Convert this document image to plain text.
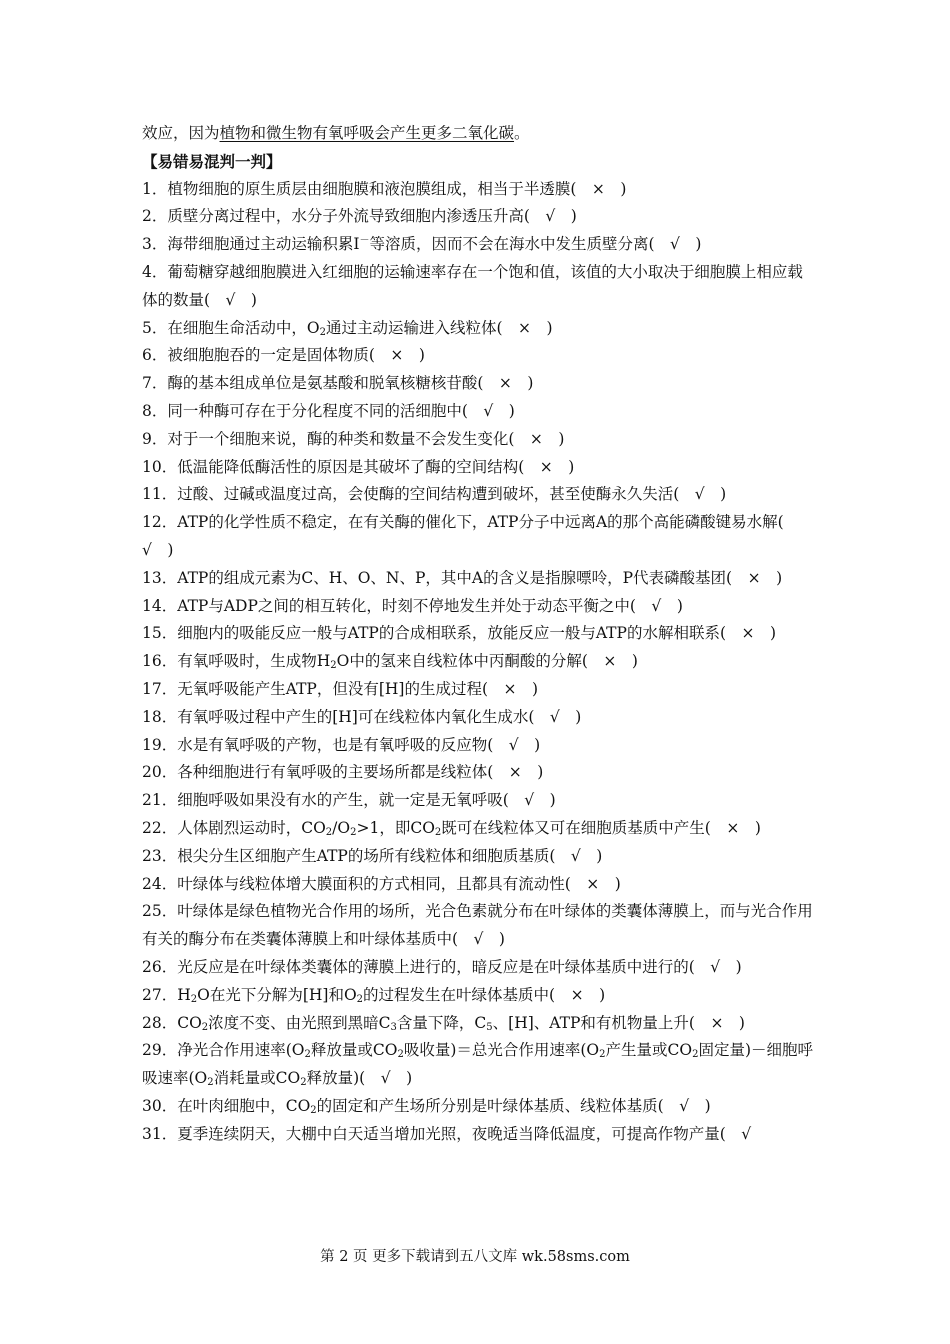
效应，因为植物和微生物有氧呼吸会产生更多二氧化碳。
【易错易混判一判】
1．植物细胞的原生质层由细胞膜和液泡膜组成，相当于半透膜(　×　)
2．质壁分离过程中，水分子外流导致细胞内渗透压升高(　√　)
3．海带细胞通过主动运输积累I－等溶质，因而不会在海水中发生质壁分离(　√　)
4．葡萄糖穿越细胞膜进入红细胞的运输速率存在一个饱和值，该值的大小取决于细胞膜上相应载体的数量(　√　)
5．在细胞生命活动中，$O_2$通过主动运输进入线粒体(　×　)
6．被细胞胞吞的一定是固体物质(　×　)
7．酶的基本组成单位是氨基酸和脱氧核糖核苷酸(　×　)
8．同一种酶可存在于分化程度不同的活细胞中(　√　)
9．对于一个细胞来说，酶的种类和数量不会发生变化(　×　)
10．低温能降低酶活性的原因是其破坏了酶的空间结构(　×　)
11．过酸、过碱或温度过高，会使酶的空间结构遭到破坏，甚至使酶永久失活(　√　)
12．ATP的化学性质不稳定，在有关酶的催化下，ATP分子中远离A的那个高能磷酸键易水解(　√　)
13．ATP的组成元素为C、H、O、N、P，其中A的含义是指腺嘌呤，P代表磷酸基团(　×　)
14．ATP与ADP之间的相互转化，时刻不停地发生并处于动态平衡之中(　√　)
15．细胞内的吸能反应一般与ATP的合成相联系，放能反应一般与ATP的水解相联系(　×　)
16．有氧呼吸时，生成物$H_2O$中的氢来自线粒体中丙酮酸的分解(　×　)
17．无氧呼吸能产生ATP，但没有[H]的生成过程(　×　)
18．有氧呼吸过程中产生的[H]可在线粒体内氧化生成水(　√　)
19．水是有氧呼吸的产物，也是有氧呼吸的反应物(　√　)
20．各种细胞进行有氧呼吸的主要场所都是线粒体(　×　)
21．细胞呼吸如果没有水的产生，就一定是无氧呼吸(　√　)
22．人体剧烈运动时，$CO_2/O_2>1$，即$CO_2$既可在线粒体又可在细胞质基质中产生(　×　)
23．根尖分生区细胞产生ATP的场所有线粒体和细胞质基质(　√　)
24．叶绿体与线粒体增大膜面积的方式相同，且都具有流动性(　×　)
25．叶绿体是绿色植物光合作用的场所，光合色素就分布在叶绿体的类囊体薄膜上，而与光合作用有关的酶分布在类囊体薄膜上和叶绿体基质中(　√　)
26．光反应是在叶绿体类囊体的薄膜上进行的，暗反应是在叶绿体基质中进行的(　√　)
27．$H_2O$在光下分解为[H]和$O_2$的过程发生在叶绿体基质中(　×　)
28．$CO_2$浓度不变、由光照到黑暗$C_3$含量下降，$C_5$、[H]、ATP和有机物量上升(　×　)
29．净光合作用速率($O_2$释放量或$CO_2$吸收量)＝总光合作用速率($O_2$产生量或$CO_2$固定量)－细胞呼吸速率($O_2$消耗量或$CO_2$释放量)(　√　)
30．在叶肉细胞中，$CO_2$的固定和产生场所分别是叶绿体基质、线粒体基质(　√　)
31．夏季连续阴天，大棚中白天适当增加光照，夜晚适当降低温度，可提高作物产量(　√
第 2 页 更多下载请到五八文库 wk.58sms.com
